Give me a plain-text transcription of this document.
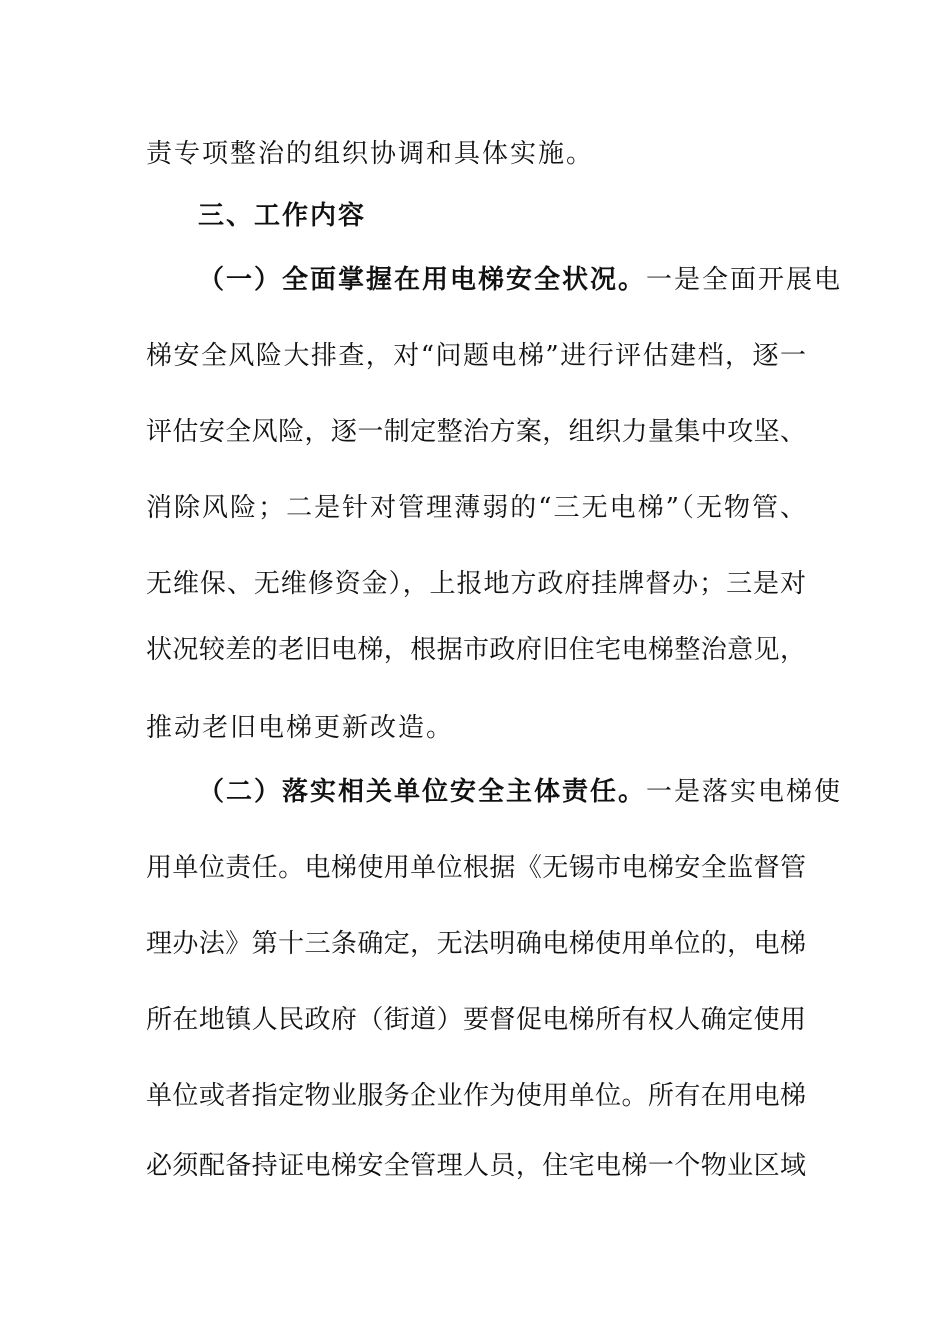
责专项整治的组织协调和具体实施。
三、工作内容
（一）全面掌握在用电梯安全状况。一是全面开展电
梯安全风险大排查，对“问题电梯”进行评估建档，逐一
评估安全风险，逐一制定整治方案，组织力量集中攻坚、
消除风险；二是针对管理薄弱的“三无电梯”（无物管、
无维保、无维修资金），上报地方政府挂牌督办；三是对
状况较差的老旧电梯，根据市政府旧住宅电梯整治意见，
推动老旧电梯更新改造。
（二）落实相关单位安全主体责任。一是落实电梯使
用单位责任。电梯使用单位根据《无锡市电梯安全监督管
理办法》第十三条确定，无法明确电梯使用单位的，电梯
所在地镇人民政府（街道）要督促电梯所有权人确定使用
单位或者指定物业服务企业作为使用单位。所有在用电梯
必须配备持证电梯安全管理人员，住宅电梯一个物业区域
